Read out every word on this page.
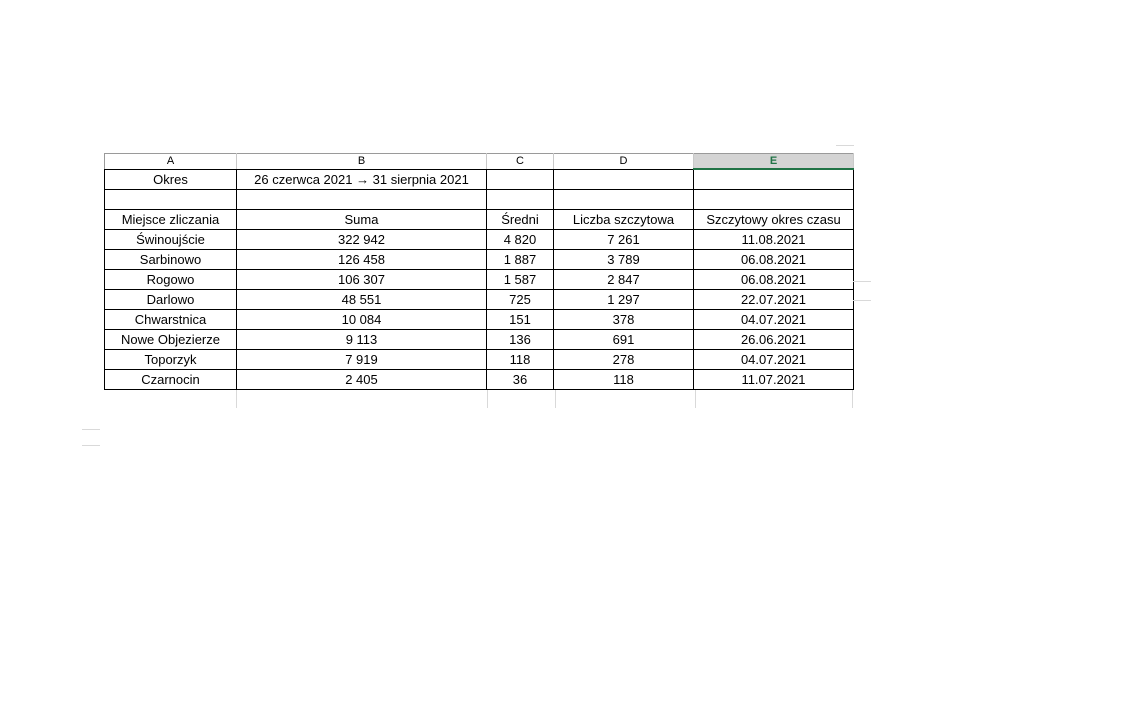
A	B	C	D	E
Okres	26 czerwca 2021 → 31 sierpnia 2021			

Miejsce zliczania	Suma	Średni	Liczba szczytowa	Szczytowy okres czasu
Świnoujście	322 942	4 820	7 261	11.08.2021
Sarbinowo	126 458	1 887	3 789	06.08.2021
Rogowo	106 307	1 587	2 847	06.08.2021
Darlowo	48 551	725	1 297	22.07.2021
Chwarstnica	10 084	151	378	04.07.2021
Nowe Objezierze	9 113	136	691	26.06.2021
Toporzyk	7 919	118	278	04.07.2021
Czarnocin	2 405	36	118	11.07.2021
